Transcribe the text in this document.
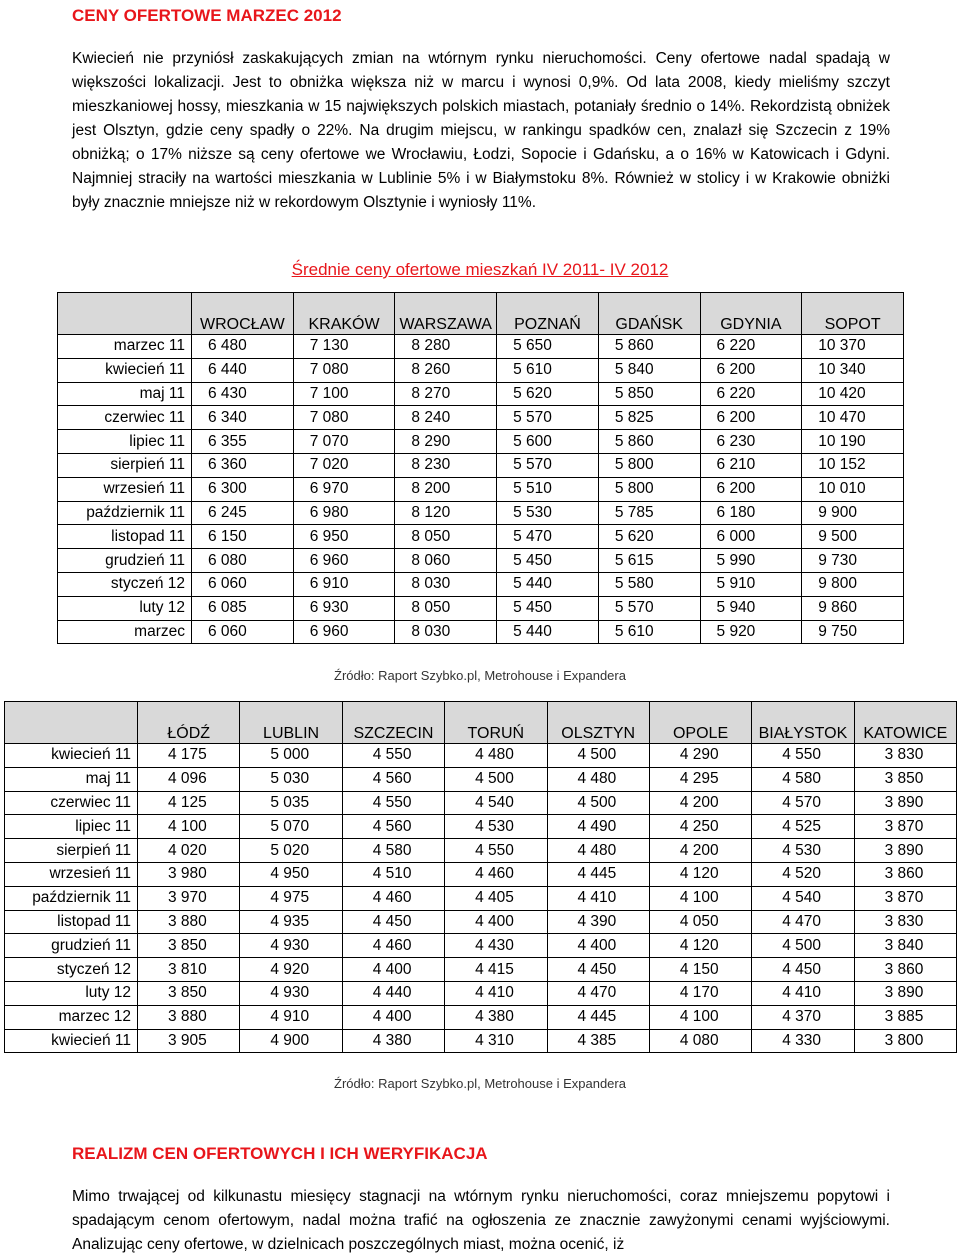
CENY OFERTOWE MARZEC 2012

Kwiecień nie przyniósł zaskakujących zmian na wtórnym rynku nieruchomości. Ceny ofertowe nadal spadają w większości lokalizacji. Jest to obniżka większa niż w marcu i wynosi 0,9%. Od lata 2008, kiedy mieliśmy szczyt mieszkaniowej hossy, mieszkania w 15 największych polskich miastach, potaniały średnio o 14%. Rekordzistą obniżek jest Olsztyn, gdzie ceny spadły o 22%. Na drugim miejscu, w rankingu spadków cen, znalazł się Szczecin z 19% obniżką; o 17% niższe są ceny ofertowe we Wrocławiu, Łodzi, Sopocie i Gdańsku, a o 16% w Katowicach i Gdyni. Najmniej straciły na wartości mieszkania w Lublinie 5% i w Białymstoku 8%. Również w stolicy i w Krakowie obniżki były znacznie mniejsze niż w rekordowym Olsztynie i wyniosły 11%.

Średnie ceny ofertowe mieszkań IV 2011- IV 2012
	WROCŁAW	KRAKÓW	WARSZAWA	POZNAŃ	GDAŃSK	GDYNIA	SOPOT
marzec 11	6 480	7 130	8 280	5 650	5 860	6 220	10 370
kwiecień 11	6 440	7 080	8 260	5 610	5 840	6 200	10 340
maj 11	6 430	7 100	8 270	5 620	5 850	6 220	10 420
czerwiec 11	6 340	7 080	8 240	5 570	5 825	6 200	10 470
lipiec 11	6 355	7 070	8 290	5 600	5 860	6 230	10 190
sierpień 11	6 360	7 020	8 230	5 570	5 800	6 210	10 152
wrzesień 11	6 300	6 970	8 200	5 510	5 800	6 200	10 010
październik 11	6 245	6 980	8 120	5 530	5 785	6 180	9 900
listopad 11	6 150	6 950	8 050	5 470	5 620	6 000	9 500
grudzień 11	6 080	6 960	8 060	5 450	5 615	5 990	9 730
styczeń 12	6 060	6 910	8 030	5 440	5 580	5 910	9 800
luty 12	6 085	6 930	8 050	5 450	5 570	5 940	9 860
marzec	6 060	6 960	8 030	5 440	5 610	5 920	9 750
Źródło: Raport Szybko.pl, Metrohouse i Expandera
	ŁÓDŹ	LUBLIN	SZCZECIN	TORUŃ	OLSZTYN	OPOLE	BIAŁYSTOK	KATOWICE
kwiecień 11	4 175	5 000	4 550	4 480	4 500	4 290	4 550	3 830
maj 11	4 096	5 030	4 560	4 500	4 480	4 295	4 580	3 850
czerwiec 11	4 125	5 035	4 550	4 540	4 500	4 200	4 570	3 890
lipiec 11	4 100	5 070	4 560	4 530	4 490	4 250	4 525	3 870
sierpień 11	4 020	5 020	4 580	4 550	4 480	4 200	4 530	3 890
wrzesień 11	3 980	4 950	4 510	4 460	4 445	4 120	4 520	3 860
październik 11	3 970	4 975	4 460	4 405	4 410	4 100	4 540	3 870
listopad 11	3 880	4 935	4 450	4 400	4 390	4 050	4 470	3 830
grudzień 11	3 850	4 930	4 460	4 430	4 400	4 120	4 500	3 840
styczeń 12	3 810	4 920	4 400	4 415	4 450	4 150	4 450	3 860
luty 12	3 850	4 930	4 440	4 410	4 470	4 170	4 410	3 890
marzec 12	3 880	4 910	4 400	4 380	4 445	4 100	4 370	3 885
kwiecień 11	3 905	4 900	4 380	4 310	4 385	4 080	4 330	3 800
Źródło: Raport Szybko.pl, Metrohouse i Expandera
REALIZM CEN OFERTOWYCH I ICH WERYFIKACJA

Mimo trwającej od kilkunastu miesięcy stagnacji na wtórnym rynku nieruchomości, coraz mniejszemu popytowi i spadającym cenom ofertowym, nadal można trafić na ogłoszenia ze znacznie zawyżonymi cenami wyjściowymi. Analizując ceny ofertowe, w dzielnicach poszczególnych miast, można ocenić, iż
